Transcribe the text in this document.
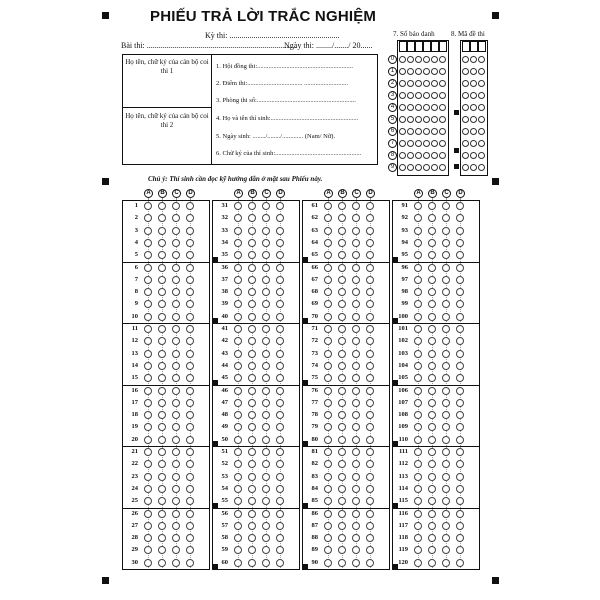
PHIẾU TRẢ LỜI TRẮC NGHIỆM
Kỳ thi: .......................................................
Bài thi: ...........................................................................
Ngày thi: ......../......./ 20......
Họ tên, chữ ký của cán bộ coi thi 1
Họ tên, chữ ký của cán bộ coi thi 2
1. Hội đồng thi:...........................................................
2. Điểm thi:.................................. ...........................
3. Phòng thi số:.............................................................
4. Họ và tên thí sinh:......................................................
5. Ngày sinh: ......../......../............. (Nam/ Nữ).
6. Chữ ký của thí sinh:.....................................................
7. Số báo danh 8. Mã đề thi
0
1
2
3
4
5
6
7
8
9
Chú ý: Thí sinh cần đọc kỹ hướng dẫn ở mặt sau Phiếu này.
A	B	C	D
1
2
3
4
5
6
7
8
9
10
11
12
13
14
15
16
17
18
19
20
21
22
23
24
25
26
27
28
29
30
A	B	C	D
31
32
33
34
35
36
37
38
39
40
41
42
43
44
45
46
47
48
49
50
51
52
53
54
55
56
57
58
59
60
A	B	C	D
61
62
63
64
65
66
67
68
69
70
71
72
73
74
75
76
77
78
79
80
81
82
83
84
85
86
87
88
89
90
A	B	C	D
91
92
93
94
95
96
97
98
99
100
101
102
103
104
105
106
107
108
109
110
111
112
113
114
115
116
117
118
119
120
